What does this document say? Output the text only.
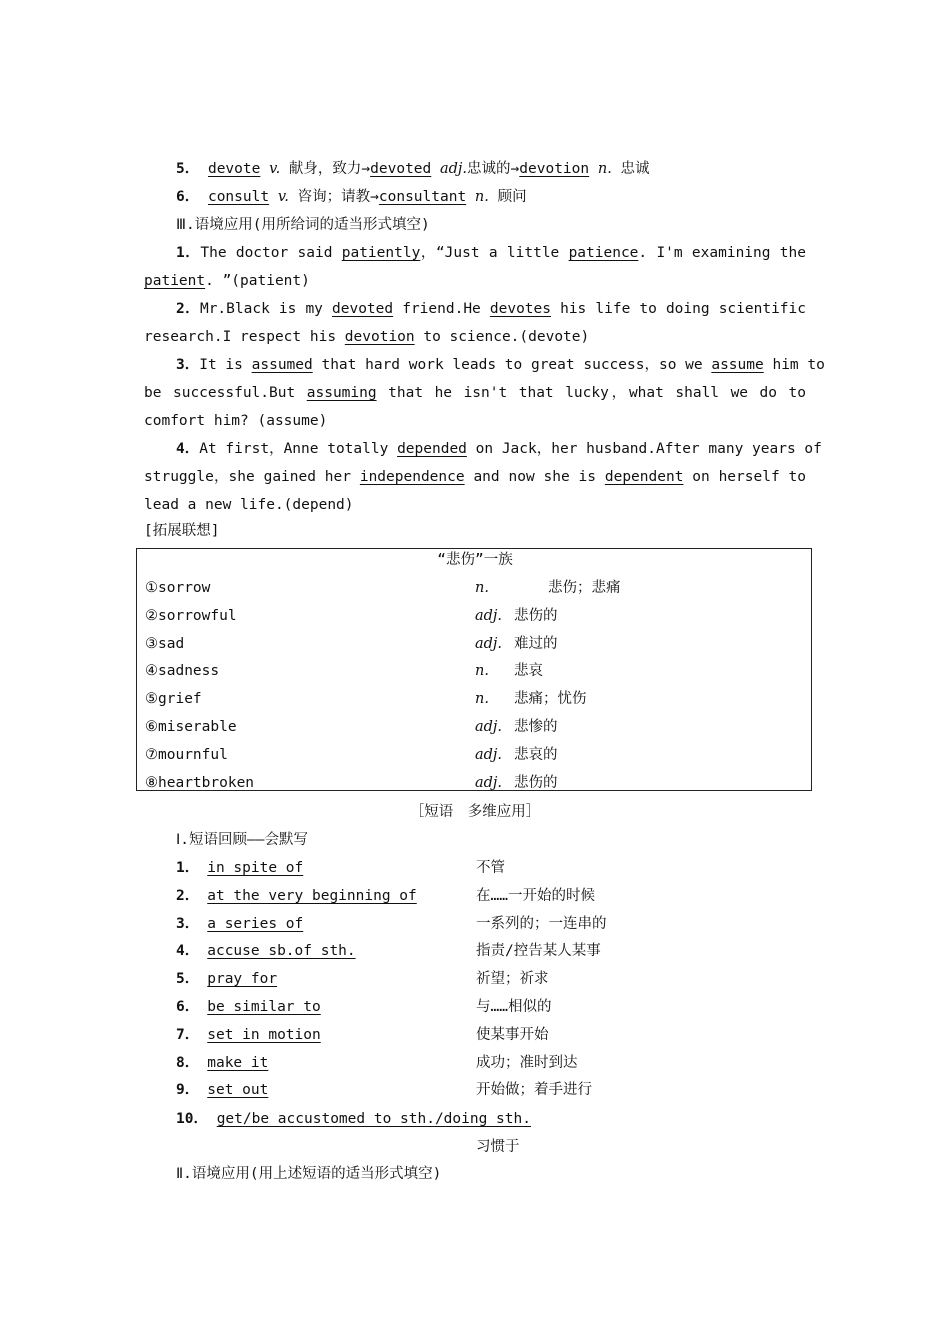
5． devote v. 献身，致力→devoted adj.忠诚的→devotion n. 忠诚
6． consult v. 咨询；请教→consultant n. 顾问
Ⅲ.语境应用(用所给词的适当形式填空)
1．The doctor said patiently，“Just a little patience. I'm examining the
patient. ”(patient)
2．Mr.Black is my devoted friend.He devotes his life to doing scientific
research.I respect his devotion to science.(devote)
3．It is assumed that hard work leads to great success，so we assume him to
be successful.But assuming that he isn't that lucky，what shall we do to
comfort him? (assume)
4．At first，Anne totally depended on Jack，her husband.After many years of
struggle，she gained her independence and now she is dependent on herself to
lead a new life.(depend)
[拓展联想]
“悲伤”一族
①sorrow	n.	悲伤；悲痛
②sorrowful	adj. 悲伤的
③sad	adj. 难过的
④sadness	n. 悲哀
⑤grief	n. 悲痛；忧伤
⑥miserable	adj. 悲惨的
⑦mournful	adj. 悲哀的
⑧heartbroken	adj. 悲伤的
［短语　多维应用］
Ⅰ.短语回顾——会默写
1． in spite of	不管
2． at the very beginning of	在……一开始的时候
3． a series of	一系列的；一连串的
4． accuse sb.of sth.	指责/控告某人某事
5． pray for	祈望；祈求
6． be similar to	与……相似的
7． set in motion	使某事开始
8． make it	成功；准时到达
9． set out	开始做；着手进行
10． get/be accustomed to sth./doing sth.
习惯于
Ⅱ.语境应用(用上述短语的适当形式填空)
